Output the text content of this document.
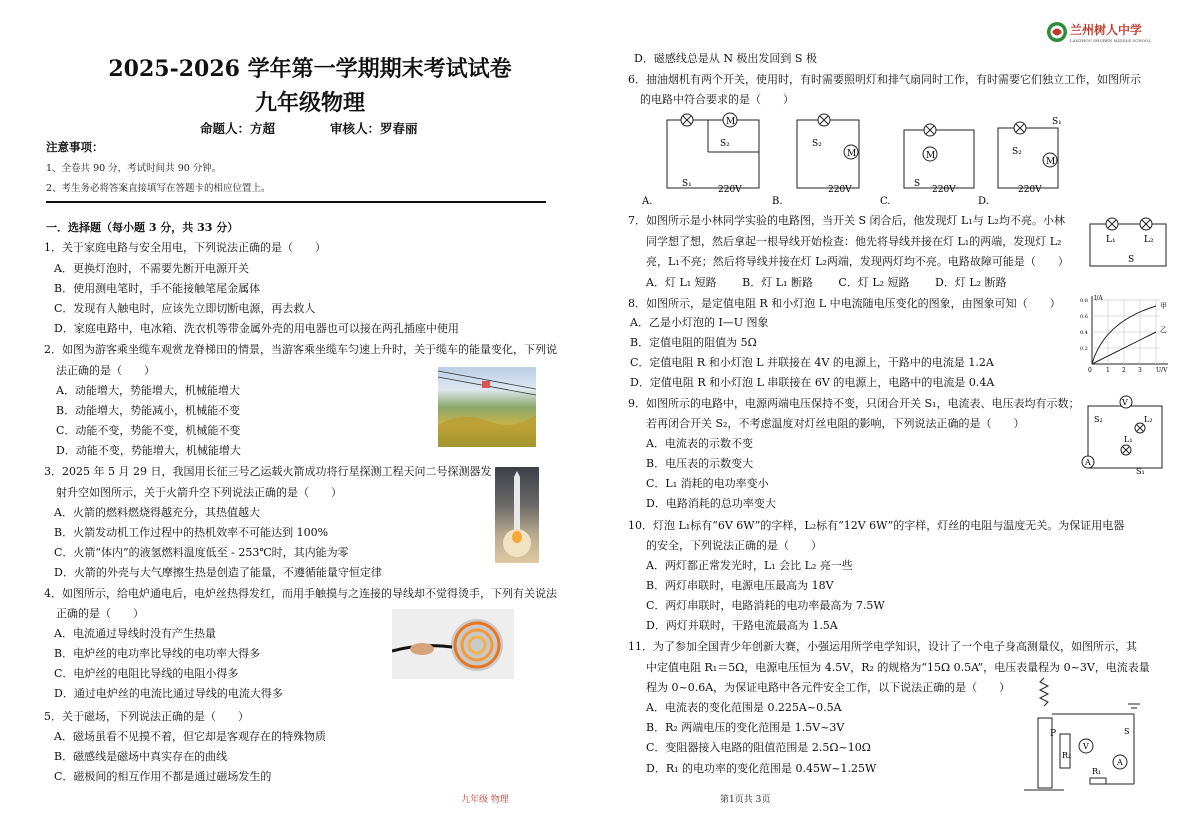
2025-2026 学年第一学期期末考试试卷
九年级物理
命题人：方超	审核人：罗春丽
注意事项：
1、全卷共 90 分，考试时间共 90 分钟。
2、考生务必将答案直接填写在答题卡的相应位置上。
兰州树人中学
LANZHOU SHUREN MIDDLE SCHOOL
一．选择题（每小题 3 分，共 33 分）
1．关于家庭电路与安全用电，下列说法正确的是（　　）
A．更换灯泡时，不需要先断开电源开关
B．使用测电笔时，手不能接触笔尾金属体
C．发现有人触电时，应该先立即切断电源，再去救人
D．家庭电路中，电冰箱、洗衣机等带金属外壳的用电器也可以接在两孔插座中使用
2．如图为游客乘坐缆车观赏龙脊梯田的情景，当游客乘坐缆车匀速上升时，关于缆车的能量变化，下列说
法正确的是（　　）
A．动能增大，势能增大，机械能增大
B．动能增大，势能减小，机械能不变
C．动能不变，势能不变，机械能不变
D．动能不变，势能增大，机械能增大
3．2025 年 5 月 29 日，我国用长征三号乙运载火箭成功将行星探测工程天问二号探测器发
射升空如图所示，关于火箭升空下列说法正确的是（　　）
A．火箭的燃料燃烧得越充分，其热值越大
B．火箭发动机工作过程中的热机效率不可能达到 100%
C．火箭“体内”的液氢燃料温度低至 - 253℃时，其内能为零
D．火箭的外壳与大气摩擦生热是创造了能量，不遵循能量守恒定律
4．如图所示，给电炉通电后，电炉丝热得发红，而用手触摸与之连接的导线却不觉得烫手，下列有关说法
正确的是（　　）
A．电流通过导线时没有产生热量
B．电炉丝的电功率比导线的电功率大得多
C．电炉丝的电阻比导线的电阻小得多
D．通过电炉丝的电流比通过导线的电流大得多
5．关于磁场，下列说法正确的是（　　）
A．磁场虽看不见摸不着，但它却是客观存在的特殊物质
B．磁感线是磁场中真实存在的曲线
C．磁极间的相互作用不都是通过磁场发生的
D．磁感线总是从 N 极出发回到 S 极
6．抽油烟机有两个开关，使用时，有时需要照明灯和排气扇同时工作，有时需要它们独立工作，如图所示
的电路中符合要求的是（　　）
7．如图所示是小林同学实验的电路图，当开关 S 闭合后，他发现灯 L₁与 L₂均不亮。小林
同学想了想，然后拿起一根导线开始检查：他先将导线并接在灯 L₁的两端，发现灯 L₂
亮，L₁不亮；然后将导线并接在灯 L₂两端，发现两灯均不亮。电路故障可能是（　　）
A．灯 L₁ 短路　　 B．灯 L₁ 断路　　 C．灯 L₂ 短路　　 D．灯 L₂ 断路
8．如图所示，是定值电阻 R 和小灯泡 L 中电流随电压变化的图象，由图象可知（　　）
A．乙是小灯泡的 I—U 图象
B．定值电阻的阻值为 5Ω
C．定值电阻 R 和小灯泡 L 并联接在 4V 的电源上，干路中的电流是 1.2A
D．定值电阻 R 和小灯泡 L 串联接在 6V 的电源上，电路中的电流是 0.4A
9．如图所示的电路中，电源两端电压保持不变，只闭合开关 S₁，电流表、电压表均有示数；
若再闭合开关 S₂，不考虑温度对灯丝电阻的影响，下列说法正确的是（　　）
A．电流表的示数不变
B．电压表的示数变大
C．L₁ 消耗的电功率变小
D．电路消耗的总功率变大
10．灯泡 L₁标有“6V 6W”的字样，L₂标有“12V 6W”的字样，灯丝的电阻与温度无关。为保证用电器
的安全，下列说法正确的是（　　）
A．两灯都正常发光时，L₁ 会比 L₂ 亮一些
B．两灯串联时，电源电压最高为 18V
C．两灯串联时，电路消耗的电功率最高为 7.5W
D．两灯并联时，干路电流最高为 1.5A
11．为了参加全国青少年创新大赛，小强运用所学电学知识，设计了一个电子身高测量仪，如图所示，其
中定值电阻 R₁＝5Ω，电源电压恒为 4.5V，R₂ 的规格为“15Ω 0.5A”，电压表量程为 0~3V，电流表量
程为 0~0.6A，为保证电路中各元件安全工作，以下说法正确的是（　　）
A．电流表的变化范围是 0.225A~0.5A
B．R₂ 两端电压的变化范围是 1.5V~3V
C．变阻器接入电路的阻值范围是 2.5Ω~10Ω
D．R₁ 的电功率的变化范围是 0.45W~1.25W
M
S₂
S₁
220V
A.
M
S₂
220V
B.
M
S
220V
C.
S₁
M
S₂
220V
D.
L₁	L₂
S
I/A
U/V
甲
乙
0 1 2 3
0.2
0.4
0.6
0.8
V
L₂
L₁
S₂
S₁
A
P
R₂
V
R₁
A
S
九年级 物理	第1页共 3页
